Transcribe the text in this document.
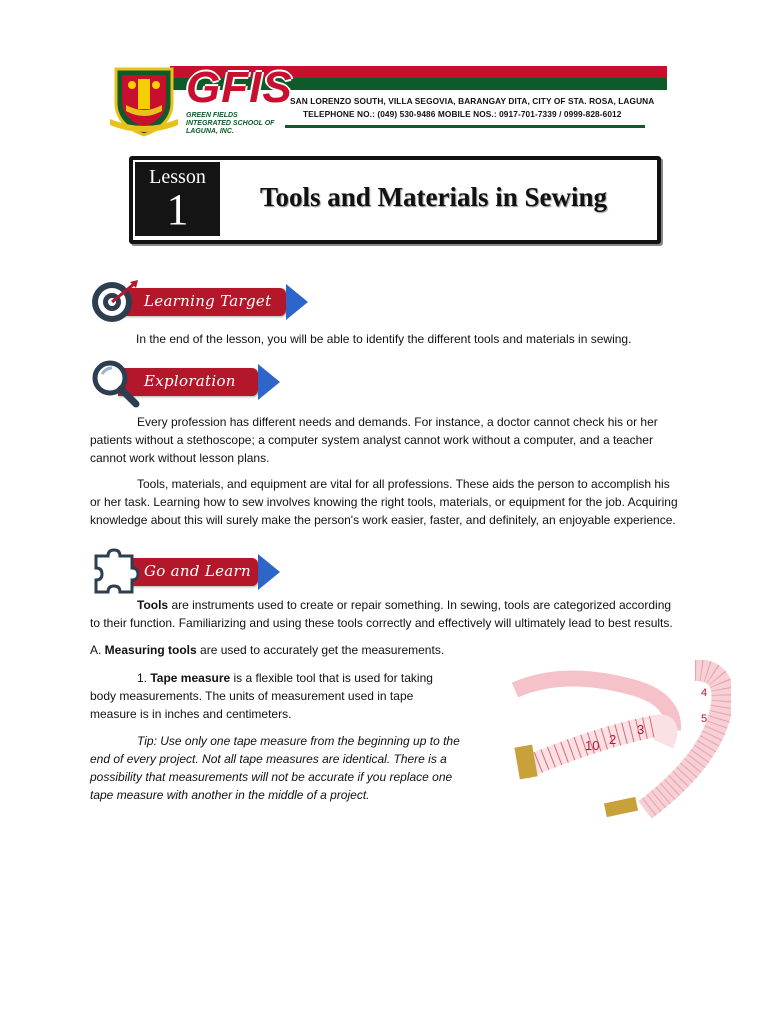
GFIS
GREEN FIELDS INTEGRATED SCHOOL OF LAGUNA, INC.
SAN LORENZO SOUTH, VILLA SEGOVIA, BARANGAY DITA, CITY OF STA. ROSA, LAGUNA
TELEPHONE NO.: (049) 530-9486 MOBILE NOS.: 0917-701-7339 / 0999-828-6012
Lesson
1	Tools and Materials in Sewing
Learning Target
In the end of the lesson, you will be able to identify the different tools and materials in sewing.
Exploration
Every profession has different needs and demands. For instance, a doctor cannot check his or her patients without a stethoscope; a computer system analyst cannot work without a computer, and a teacher cannot work without lesson plans.
Tools, materials, and equipment are vital for all professions. These aids the person to accomplish his or her task. Learning how to sew involves knowing the right tools, materials, or equipment for the job. Acquiring knowledge about this will surely make the person's work easier, faster, and definitely, an enjoyable experience.
Go and Learn
Tools are instruments used to create or repair something. In sewing, tools are categorized according to their function. Familiarizing and using these tools correctly and effectively will ultimately lead to best results.
A. Measuring tools are used to accurately get the measurements.
1. Tape measure is a flexible tool that is used for taking body measurements. The units of measurement used in tape measure is in inches and centimeters.
Tip: Use only one tape measure from the beginning up to the end of every project. Not all tape measures are identical. There is a possibility that measurements will not be accurate if you replace one tape measure with another in the middle of a project.
10 2
3
4
5
